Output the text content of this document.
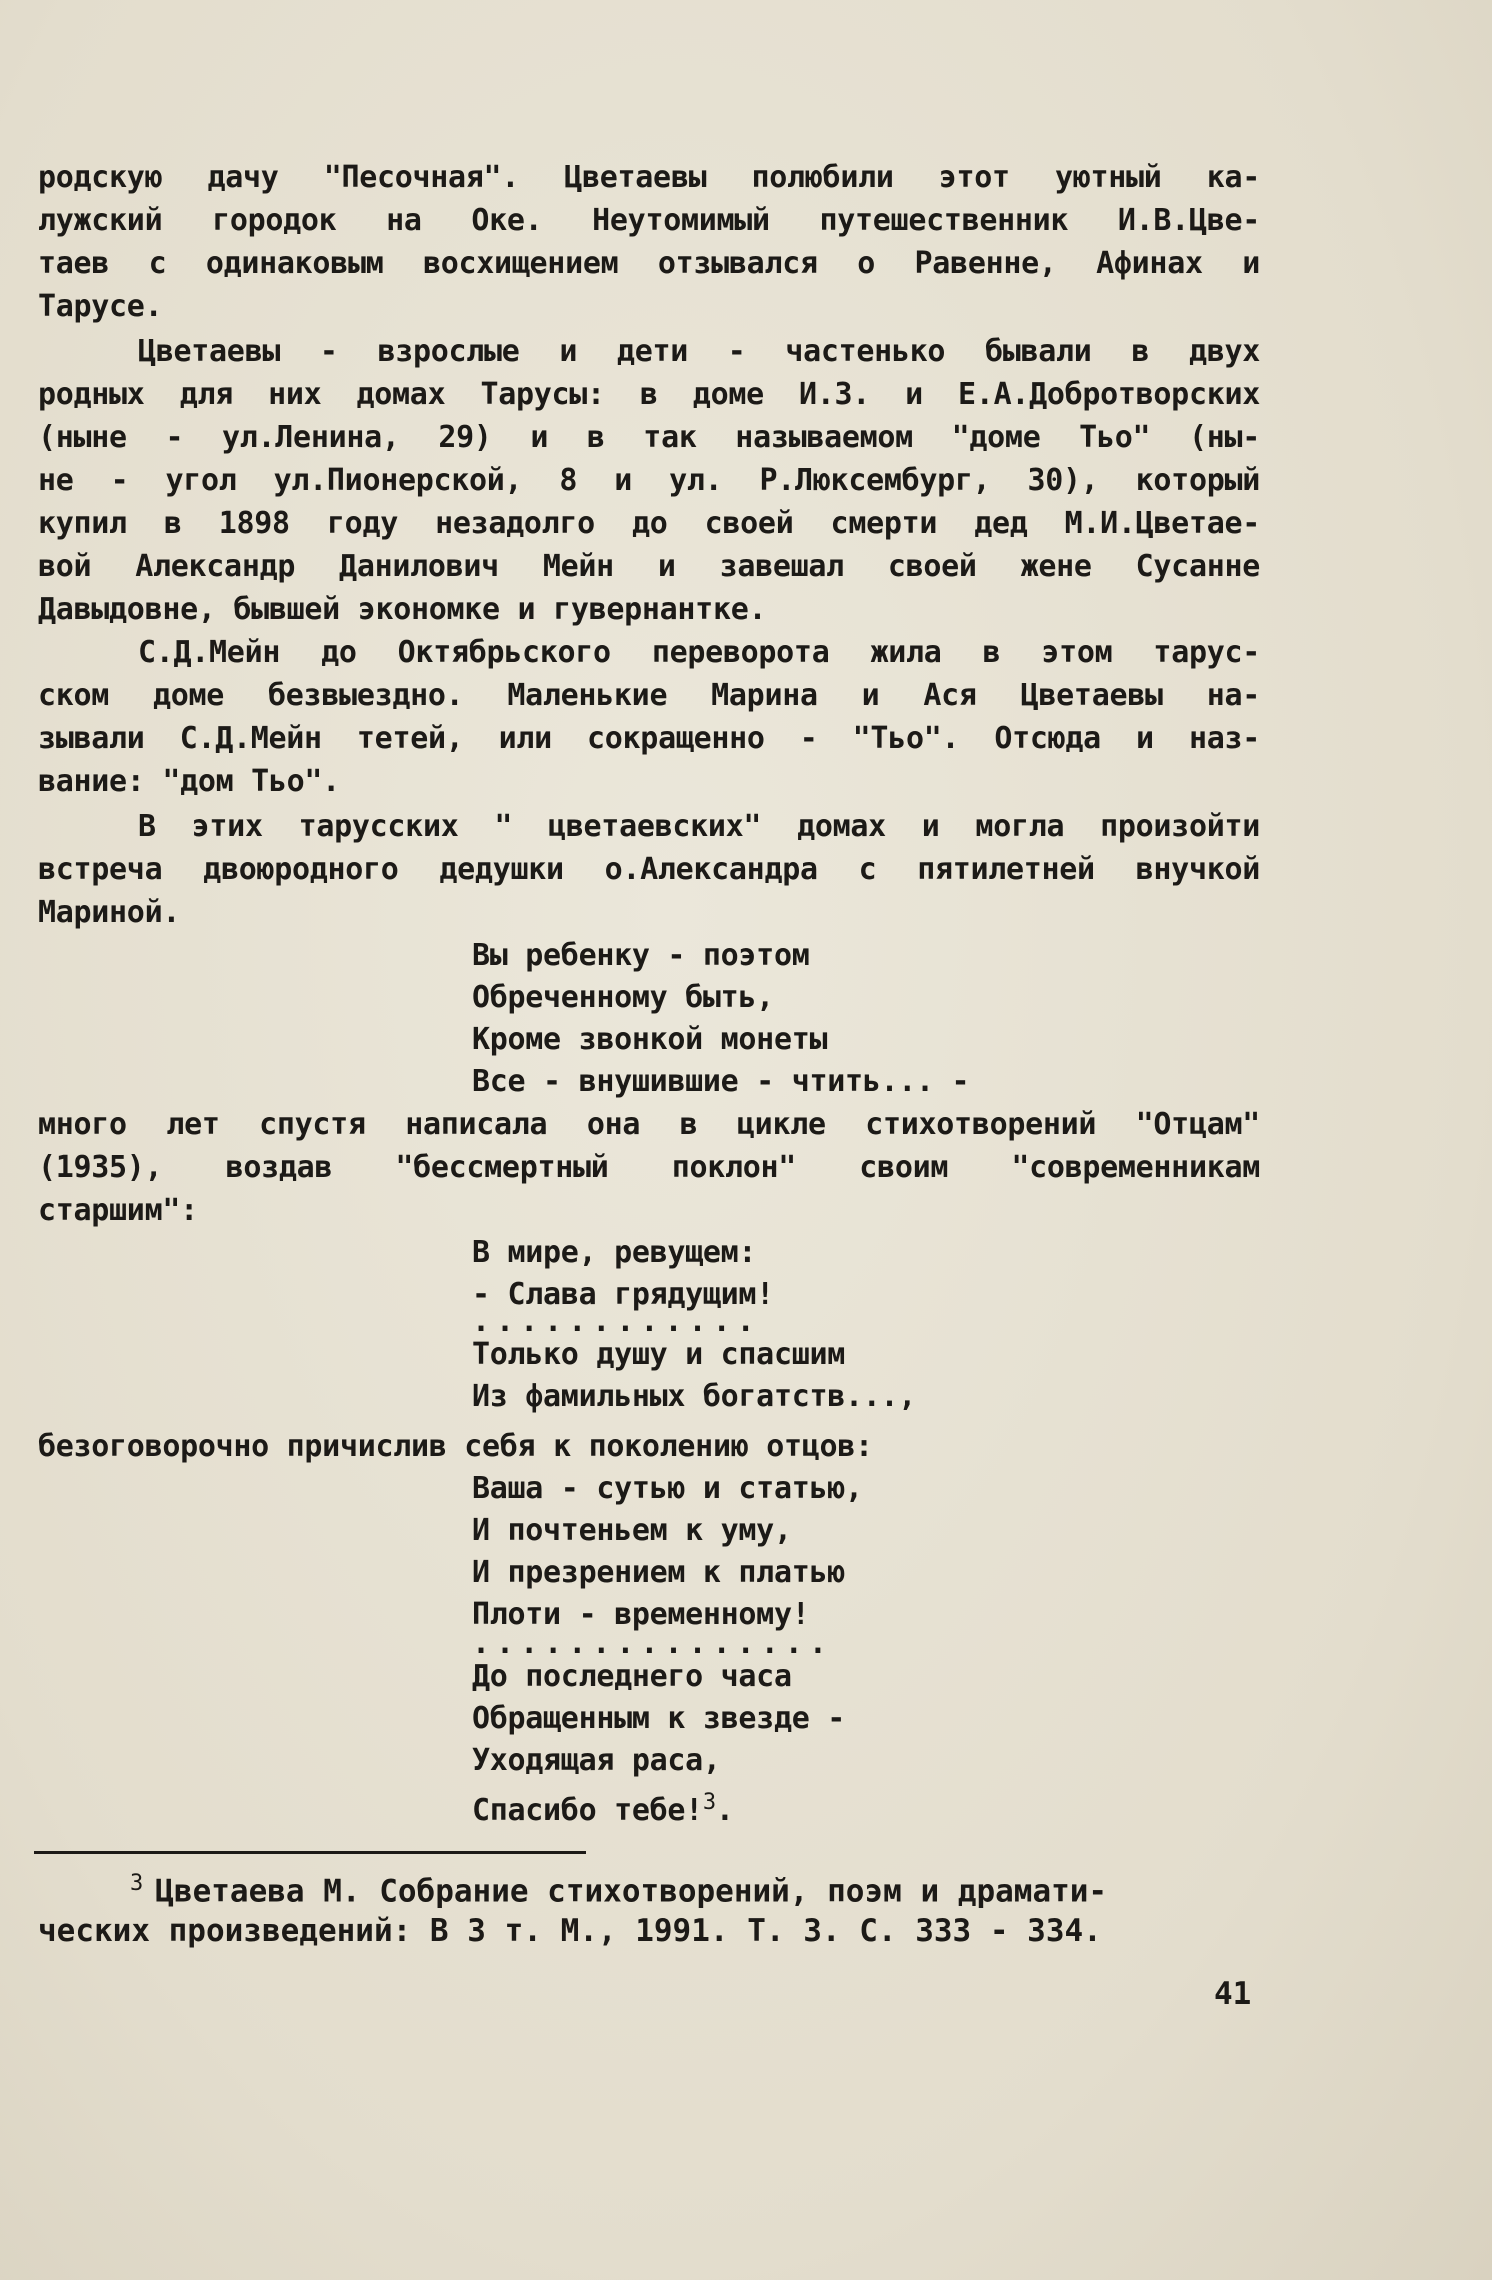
родскую дачу "Песочная". Цветаевы полюбили этот уютный ка-
лужский городок на Оке. Неутомимый путешественник И.В.Цве-
таев с одинаковым восхищением отзывался о Равенне, Афинах и
Тарусе.
Цветаевы - взрослые и дети - частенько бывали в двух
родных для них домах Тарусы: в доме И.З. и Е.А.Добротворских
(ныне - ул.Ленина, 29) и в так называемом "доме Тьо" (ны-
не - угол ул.Пионерской, 8 и ул. Р.Люксембург, 30), который
купил в 1898 году незадолго до своей смерти дед М.И.Цветае-
вой Александр Данилович Мейн и завешал своей жене Сусанне
Давыдовне, бывшей экономке и гувернантке.
С.Д.Мейн до Октябрьского переворота жила в этом тарус-
ском доме безвыездно. Маленькие Марина и Ася Цветаевы на-
зывали С.Д.Мейн тетей, или сокращенно - "Тьо". Отсюда и наз-
вание: "дом Тьо".
В этих тарусских " цветаевских" домах и могла произойти
встреча двоюродного дедушки о.Александра с пятилетней внучкой
Мариной.
Вы ребенку - поэтом
Обреченному быть,
Кроме звонкой монеты
Все - внушившие - чтить... -
много лет спустя написала она в цикле стихотворений "Отцам"
(1935), воздав "бессмертный поклон" своим "современникам
старшим":
В мире, ревущем:
- Слава грядущим!
............
Только душу и спасшим
Из фамильных богатств...,
безоговорочно причислив себя к поколению отцов:
Ваша - сутью и статью,
И почтеньем к уму,
И презрением к платью
Плоти - временному!
...............
До последнего часа
Обращенным к звезде -
Уходящая раса,
Спасибо тебе!$^3$.
$^3$ Цветаева М. Собрание стихотворений, поэм и драмати-
ческих произведений: В 3 т. М., 1991. Т. 3. С. 333 - 334.
41
